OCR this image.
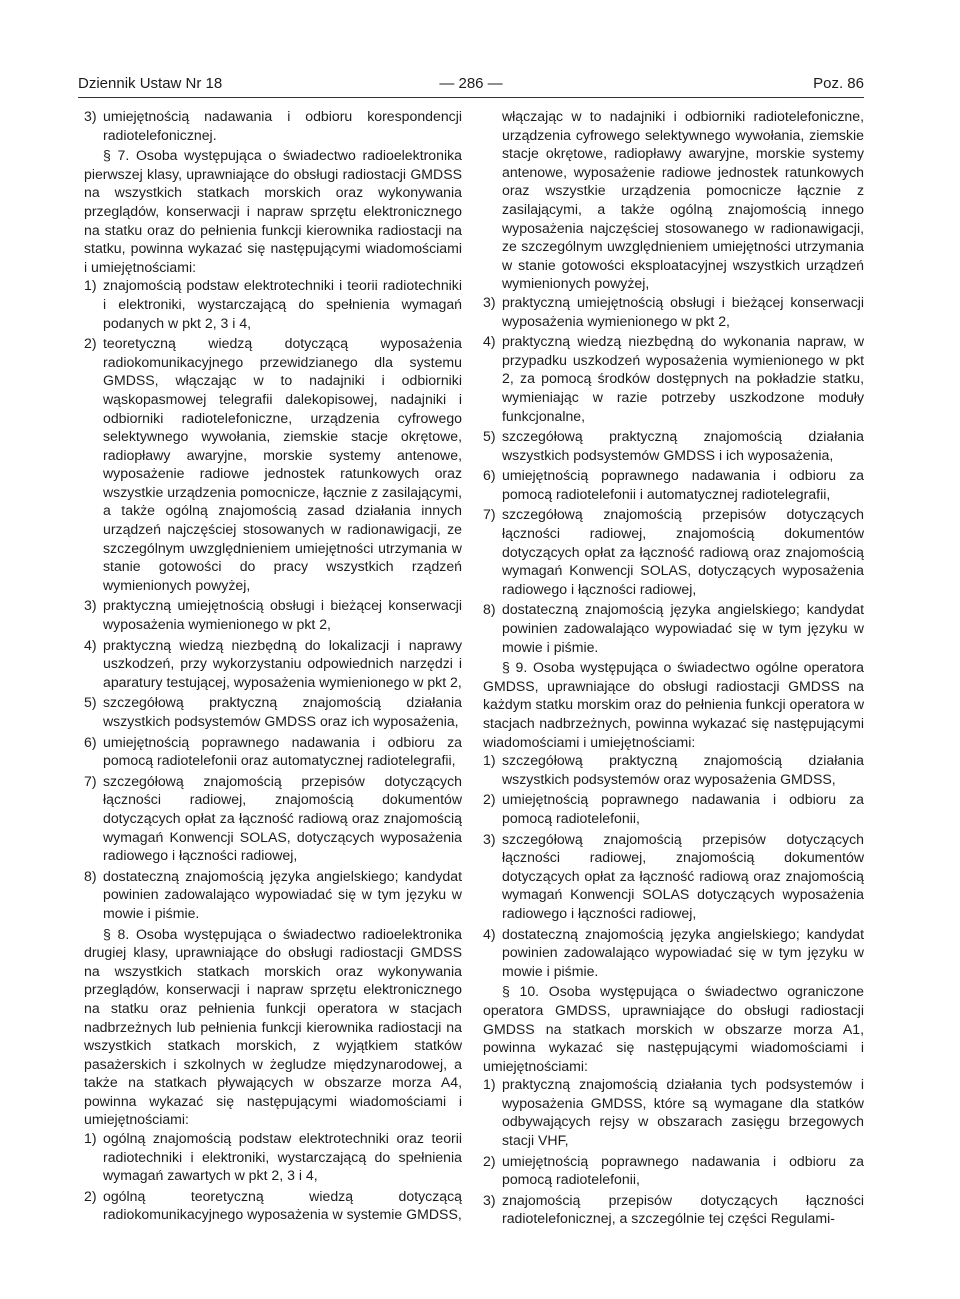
Dziennik Ustaw Nr 18	— 286 —	Poz. 86

3) umiejętnością nadawania i odbioru korespondencji radiotelefonicznej.

§ 7. Osoba występująca o świadectwo radioelektronika pierwszej klasy, uprawniające do obsługi radiostacji GMDSS na wszystkich statkach morskich oraz wykonywania przeglądów, konserwacji i napraw sprzętu elektronicznego na statku oraz do pełnienia funkcji kierownika radiostacji na statku, powinna wykazać się następującymi wiadomościami i umiejętnościami:

1) znajomością podstaw elektrotechniki i teorii radiotechniki i elektroniki, wystarczającą do spełnienia wymagań podanych w pkt 2, 3 i 4,

2) teoretyczną wiedzą dotyczącą wyposażenia radiokomunikacyjnego przewidzianego dla systemu GMDSS, włączając w to nadajniki i odbiorniki wąskopasmowej telegrafii dalekopisowej, nadajniki i odbiorniki radiotelefoniczne, urządzenia cyfrowego selektywnego wywołania, ziemskie stacje okrętowe, radiopławy awaryjne, morskie systemy antenowe, wyposażenie radiowe jednostek ratunkowych oraz wszystkie urządzenia pomocnicze, łącznie z zasilającymi, a także ogólną znajomością zasad działania innych urządzeń najczęściej stosowanych w radionawigacji, ze szczególnym uwzględnieniem umiejętności utrzymania w stanie gotowości do pracy wszystkich rządzeń wymienionych powyżej,

3) praktyczną umiejętnością obsługi i bieżącej konserwacji wyposażenia wymienionego w pkt 2,

4) praktyczną wiedzą niezbędną do lokalizacji i naprawy uszkodzeń, przy wykorzystaniu odpowiednich narzędzi i aparatury testującej, wyposażenia wymienionego w pkt 2,

5) szczegółową praktyczną znajomością działania wszystkich podsystemów GMDSS oraz ich wyposażenia,

6) umiejętnością poprawnego nadawania i odbioru za pomocą radiotelefonii oraz automatycznej radiotelegrafii,

7) szczegółową znajomością przepisów dotyczących łączności radiowej, znajomością dokumentów dotyczących opłat za łączność radiową oraz znajomością wymagań Konwencji SOLAS, dotyczących wyposażenia radiowego i łączności radiowej,

8) dostateczną znajomością języka angielskiego; kandydat powinien zadowalająco wypowiadać się w tym języku w mowie i piśmie.

§ 8. Osoba występująca o świadectwo radioelektronika drugiej klasy, uprawniające do obsługi radiostacji GMDSS na wszystkich statkach morskich oraz wykonywania przeglądów, konserwacji i napraw sprzętu elektronicznego na statku oraz pełnienia funkcji operatora w stacjach nadbrzeżnych lub pełnienia funkcji kierownika radiostacji na wszystkich statkach morskich, z wyjątkiem statków pasażerskich i szkolnych w żegludze międzynarodowej, a także na statkach pływających w obszarze morza A4, powinna wykazać się następującymi wiadomościami i umiejętnościami:

1) ogólną znajomością podstaw elektrotechniki oraz teorii radiotechniki i elektroniki, wystarczającą do spełnienia wymagań zawartych w pkt 2, 3 i 4,

2) ogólną teoretyczną wiedzą dotyczącą radiokomunikacyjnego wyposażenia w systemie GMDSS,

włączając w to nadajniki i odbiorniki radiotelefoniczne, urządzenia cyfrowego selektywnego wywołania, ziemskie stacje okrętowe, radiopławy awaryjne, morskie systemy antenowe, wyposażenie radiowe jednostek ratunkowych oraz wszystkie urządzenia pomocnicze łącznie z zasilającymi, a także ogólną znajomością innego wyposażenia najczęściej stosowanego w radionawigacji, ze szczególnym uwzględnieniem umiejętności utrzymania w stanie gotowości eksploatacyjnej wszystkich urządzeń wymienionych powyżej,

3) praktyczną umiejętnością obsługi i bieżącej konserwacji wyposażenia wymienionego w pkt 2,

4) praktyczną wiedzą niezbędną do wykonania napraw, w przypadku uszkodzeń wyposażenia wymienionego w pkt 2, za pomocą środków dostępnych na pokładzie statku, wymieniając w razie potrzeby uszkodzone moduły funkcjonalne,

5) szczegółową praktyczną znajomością działania wszystkich podsystemów GMDSS i ich wyposażenia,

6) umiejętnością poprawnego nadawania i odbioru za pomocą radiotelefonii i automatycznej radiotelegrafii,

7) szczegółową znajomością przepisów dotyczących łączności radiowej, znajomością dokumentów dotyczących opłat za łączność radiową oraz znajomością wymagań Konwencji SOLAS, dotyczących wyposażenia radiowego i łączności radiowej,

8) dostateczną znajomością języka angielskiego; kandydat powinien zadowalająco wypowiadać się w tym języku w mowie i piśmie.

§ 9. Osoba występująca o świadectwo ogólne operatora GMDSS, uprawniające do obsługi radiostacji GMDSS na każdym statku morskim oraz do pełnienia funkcji operatora w stacjach nadbrzeżnych, powinna wykazać się następującymi wiadomościami i umiejętnościami:

1) szczegółową praktyczną znajomością działania wszystkich podsystemów oraz wyposażenia GMDSS,

2) umiejętnością poprawnego nadawania i odbioru za pomocą radiotelefonii,

3) szczegółową znajomością przepisów dotyczących łączności radiowej, znajomością dokumentów dotyczących opłat za łączność radiową oraz znajomością wymagań Konwencji SOLAS dotyczących wyposażenia radiowego i łączności radiowej,

4) dostateczną znajomością języka angielskiego; kandydat powinien zadowalająco wypowiadać się w tym języku w mowie i piśmie.

§ 10. Osoba występująca o świadectwo ograniczone operatora GMDSS, uprawniające do obsługi radiostacji GMDSS na statkach morskich w obszarze morza A1, powinna wykazać się następującymi wiadomościami i umiejętnościami:

1) praktyczną znajomością działania tych podsystemów i wyposażenia GMDSS, które są wymagane dla statków odbywających rejsy w obszarach zasięgu brzegowych stacji VHF,

2) umiejętnością poprawnego nadawania i odbioru za pomocą radiotelefonii,

3) znajomością przepisów dotyczących łączności radiotelefonicznej, a szczególnie tej części Regulami-
